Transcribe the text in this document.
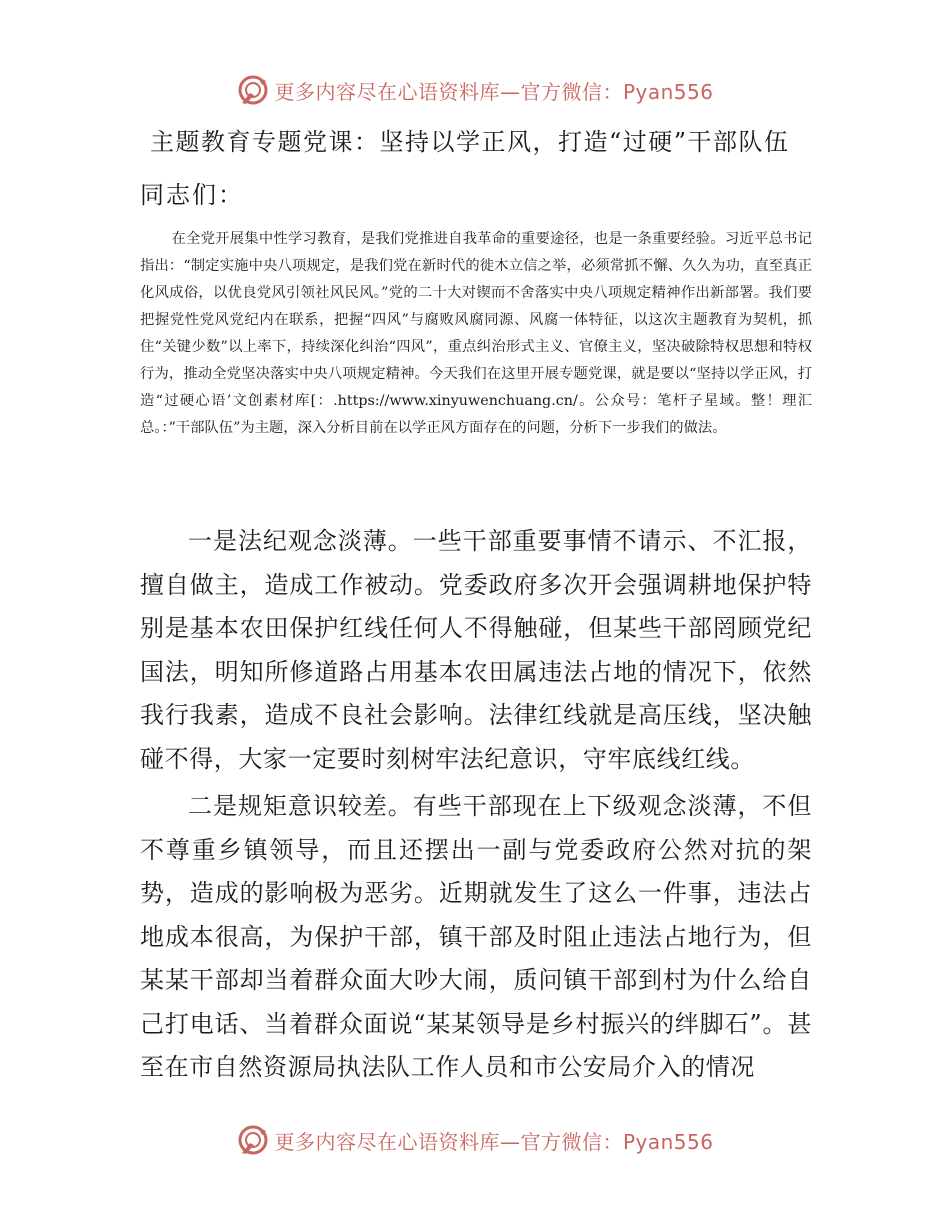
更多内容尽在心语资料库—官方微信：Pyan556
主题教育专题党课：坚持以学正风，打造“过硬”干部队伍
同志们：

在全党开展集中性学习教育，是我们党推进自我革命的重要途径，也是一条重要经验。习近平总书记指出：“制定实施中央八项规定，是我们党在新时代的徙木立信之举，必须常抓不懈、久久为功，直至真正化风成俗，以优良党风引领社风民风。”党的二十大对锲而不舍落实中央八项规定精神作出新部署。我们要把握党性党风党纪内在联系，把握“四风”与腐败风腐同源、风腐一体特征，以这次主题教育为契机，抓住“关键少数”以上率下，持续深化纠治“四风”，重点纠治形式主义、官僚主义，坚决破除特权思想和特权行为，推动全党坚决落实中央八项规定精神。今天我们在这里开展专题党课，就是要以“坚持以学正风，打造“过硬心语’文创素材库[：.https://www.xinyuwenchuang.cn/。公众号：笔杆子星域。整！理汇总。：”干部队伍”为主题，深入分析目前在以学正风方面存在的问题，分析下一步我们的做法。

一是法纪观念淡薄。一些干部重要事情不请示、不汇报，擅自做主，造成工作被动。党委政府多次开会强调耕地保护特别是基本农田保护红线任何人不得触碰，但某些干部罔顾党纪国法，明知所修道路占用基本农田属违法占地的情况下，依然我行我素，造成不良社会影响。法律红线就是高压线，坚决触碰不得，大家一定要时刻树牢法纪意识，守牢底线红线。

二是规矩意识较差。有些干部现在上下级观念淡薄，不但不尊重乡镇领导，而且还摆出一副与党委政府公然对抗的架势，造成的影响极为恶劣。近期就发生了这么一件事，违法占地成本很高，为保护干部，镇干部及时阻止违法占地行为，但某某干部却当着群众面大吵大闹，质问镇干部到村为什么给自己打电话、当着群众面说“某某领导是乡村振兴的绊脚石”。甚至在市自然资源局执法队工作人员和市公安局介入的情况

更多内容尽在心语资料库—官方微信：Pyan556
